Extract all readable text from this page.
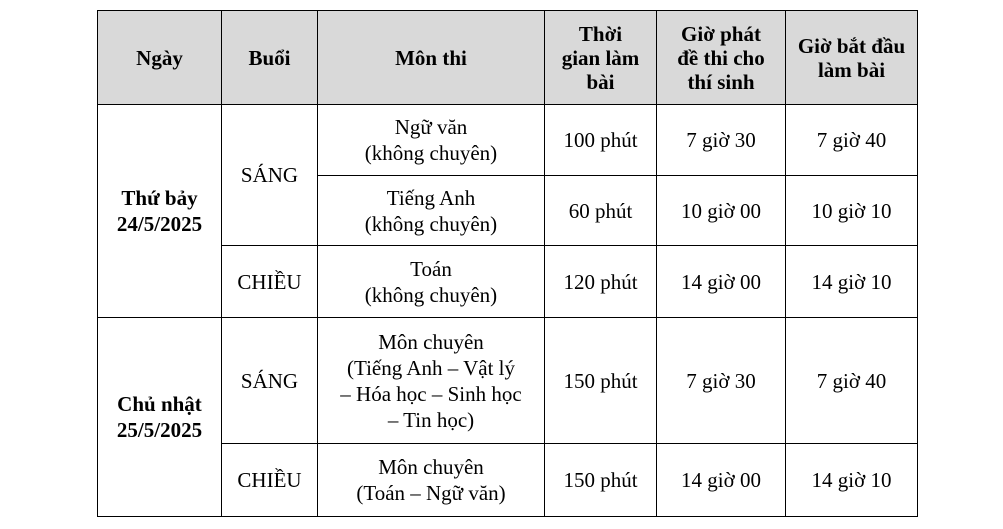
Ngày	Buổi	Môn thi	Thời
gian làm
bài	Giờ phát
đề thi cho
thí sinh	Giờ bắt đầu
làm bài

Thứ bảy
24/5/2025	SÁNG	Ngữ văn
(không chuyên)	100 phút	7 giờ 30	7 giờ 40

		Tiếng Anh
(không chuyên)	60 phút	10 giờ 00	10 giờ 10
	CHIỀU	Toán
(không chuyên)	120 phút	14 giờ 00	14 giờ 10

Chủ nhật
25/5/2025	SÁNG	Môn chuyên
(Tiếng Anh – Vật lý
– Hóa học – Sinh học
– Tin học)	150 phút	7 giờ 30	7 giờ 40
	CHIỀU	Môn chuyên
(Toán – Ngữ văn)	150 phút	14 giờ 00	14 giờ 10
